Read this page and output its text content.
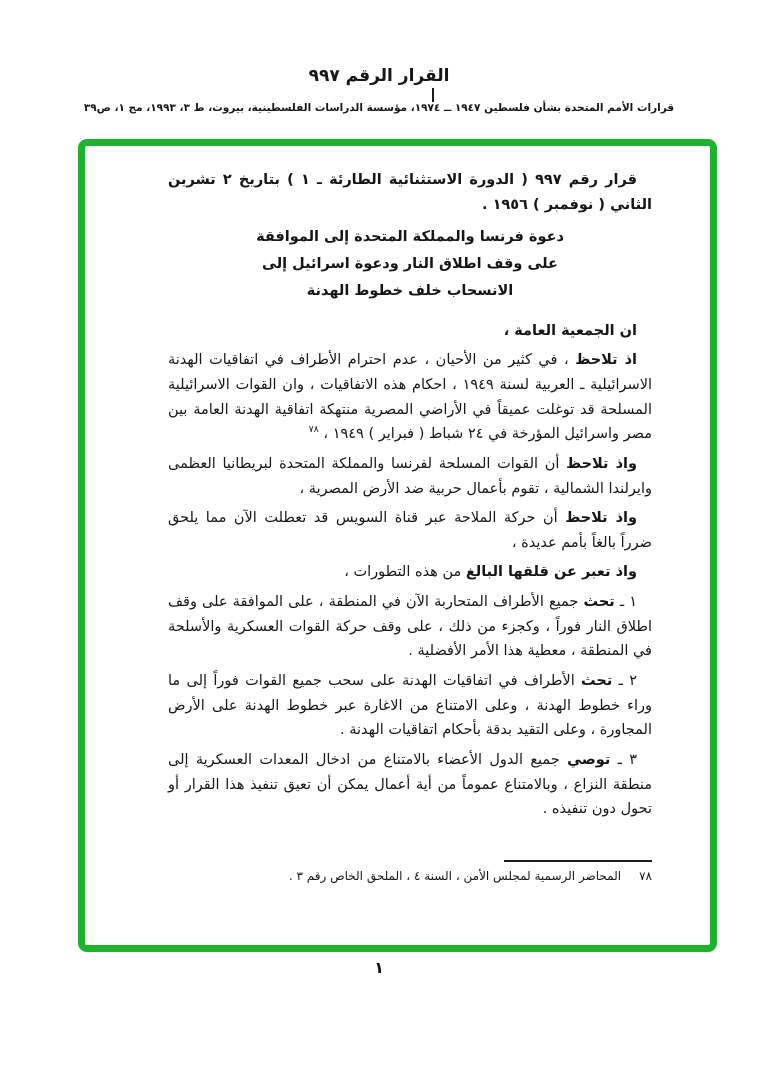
القرار الرقم ٩٩٧
قرارات الأمم المتحدة بشأن فلسطين ١٩٤٧ ــ ١٩٧٤، مؤسسة الدراسات الفلسطينية، بيروت، ط ٣، ١٩٩٣، مج ١، ص٣٩

قرار رقم ٩٩٧ ( الدورة الاستثنائية الطارئة ـ ١ ) بتاريخ ٢ تشرين الثاني ( نوفمبر ) ١٩٥٦ .

دعوة فرنسا والمملكة المتحدة إلى الموافقة
على وقف اطلاق النار ودعوة اسرائيل إلى
الانسحاب خلف خطوط الهدنة

ان الجمعية العامة ،

اذ تلاحظ ، في كثير من الأحيان ، عدم احترام الأطراف في اتفاقيات الهدنة الاسرائيلية ـ العربية لسنة ١٩٤٩ ، احكام هذه الاتفاقيات ، وان القوات الاسرائيلية المسلحة قد توغلت عميقاً في الأراضي المصرية منتهكة اتفاقية الهدنة العامة بين مصر واسرائيل المؤرخة في ٢٤ شباط ( فبراير ) ١٩٤٩ ، $^{٧٨}$

واذ تلاحظ أن القوات المسلحة لفرنسا والمملكة المتحدة لبريطانيا العظمى وايرلندا الشمالية ، تقوم بأعمال حربية ضد الأرض المصرية ،

واذ تلاحظ أن حركة الملاحة عبر قناة السويس قد تعطلت الآن مما يلحق ضرراً بالغاً بأمم عديدة ،

واذ تعبر عن قلقها البالغ من هذه التطورات ،

١ ـ تحث جميع الأطراف المتحاربة الآن في المنطقة ، على الموافقة على وقف اطلاق النار فوراً ، وكجزء من ذلك ، على وقف حركة القوات العسكرية والأسلحة في المنطقة ، معطية هذا الأمر الأفضلية .

٢ ـ تحث الأطراف في اتفاقيات الهدنة على سحب جميع القوات فوراً إلى ما وراء خطوط الهدنة ، وعلى الامتناع من الاغارة عبر خطوط الهدنة على الأرض المجاورة ، وعلى التقيد بدقة بأحكام اتفاقيات الهدنة .

٣ ـ توصي جميع الدول الأعضاء بالامتناع من ادخال المعدات العسكرية إلى منطقة النزاع ، وبالامتناع عموماً من أية أعمال يمكن أن تعيق تنفيذ هذا القرار أو تحول دون تنفيذه .

٧٨المحاضر الرسمية لمجلس الأمن ، السنة ٤ ، الملحق الخاص رقم ٣ .
١
